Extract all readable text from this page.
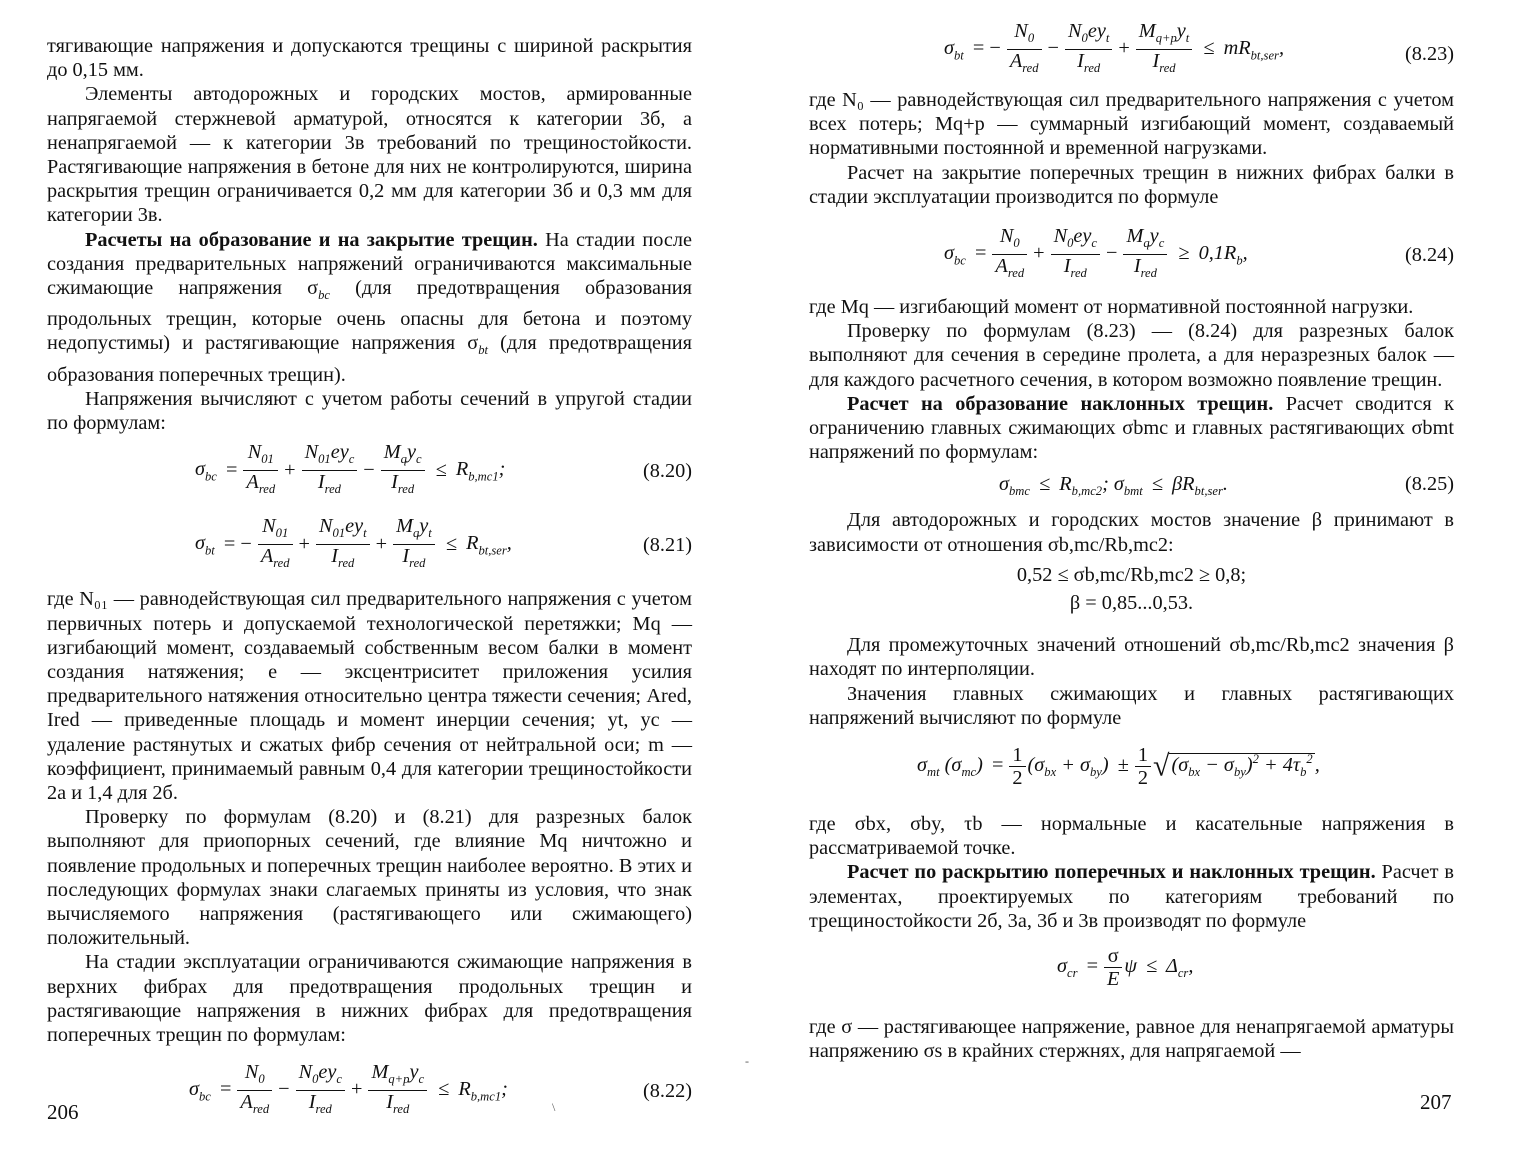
тягивающие напряжения и допускаются трещины с шириной раскрытия до 0,15 мм.

Элементы автодорожных и городских мостов, армированные напрягаемой стержневой арматурой, относятся к категории 3б, а ненапрягаемой — к категории 3в требований по трещиностойкости. Растягивающие напряжения в бетоне для них не контролируются, ширина раскрытия трещин ограничивается 0,2 мм для категории 3б и 0,3 мм для категории 3в.

Расчеты на образование и на закрытие трещин. На стадии после создания предварительных напряжений ограничиваются максимальные сжимающие напряжения $\sigma_{bc}$ (для предотвращения образования продольных трещин, которые очень опасны для бетона и поэтому недопустимы) и растягивающие напряжения $\sigma_{bt}$ (для предотвращения образования поперечных трещин).

Напряжения вычисляют с учетом работы сечений в упругой стадии по формулам:

$\sigma_{bc} = \frac{N_{01}}{A_{red}} + \frac{N_{01}ey_c}{I_{red}} - \frac{M_qy_c}{I_{red}} \le R_{b,mc1}$;	(8.20)
$\sigma_{bt}$ = − $\frac{N_{01}}{A_{red}} + \frac{N_{01}ey_t}{I_{red}} + \frac{M_qy_t}{I_{red}} \le R_{bt,ser}$,	(8.21)

где N₀₁ — равнодействующая сил предварительного напряжения с учетом первичных потерь и допускаемой технологической перетяжки; Mq — изгибающий момент, создаваемый собственным весом балки в момент создания натяжения; e — эксцентриситет приложения усилия предварительного натяжения относительно центра тяжести сечения; Ared, Ired — приведенные площадь и момент инерции сечения; yt, yc — удаление растянутых и сжатых фибр сечения от нейтральной оси; m — коэффициент, принимаемый равным 0,4 для категории трещиностойкости 2а и 1,4 для 2б.

Проверку по формулам (8.20) и (8.21) для разрезных балок выполняют для приопорных сечений, где влияние Mq ничтожно и появление продольных и поперечных трещин наиболее вероятно. В этих и последующих формулах знаки слагаемых приняты из условия, что знак вычисляемого напряжения (растягивающего или сжимающего) положительный.

На стадии эксплуатации ограничиваются сжимающие напряжения в верхних фибрах для предотвращения продольных трещин и растягивающие напряжения в нижних фибрах для предотвращения поперечных трещин по формулам:

$\sigma_{bc} = \frac{N_0}{A_{red}} - \frac{N_0ey_c}{I_{red}} + \frac{M_{q+p}y_c}{I_{red}} \le R_{b,mc1}$;	(8.22)
206
-
\
$\sigma_{bt}$ = − $\frac{N_0}{A_{red}} - \frac{N_0ey_t}{I_{red}} + \frac{M_{q+p}y_t}{I_{red}} \le mR_{bt,ser}$,	(8.23)

где N₀ — равнодействующая сил предварительного напряжения с учетом всех потерь; Mq+p — суммарный изгибающий момент, создаваемый нормативными постоянной и временной нагрузками.

Расчет на закрытие поперечных трещин в нижних фибрах балки в стадии эксплуатации производится по формуле

$\sigma_{bc} = \frac{N_0}{A_{red}} + \frac{N_0ey_c}{I_{red}} - \frac{M_qy_c}{I_{red}} \ge 0,1R_b$,	(8.24)

где Mq — изгибающий момент от нормативной постоянной нагрузки.

Проверку по формулам (8.23) — (8.24) для разрезных балок выполняют для сечения в середине пролета, а для неразрезных балок — для каждого расчетного сечения, в котором возможно появление трещин.

Расчет на образование наклонных трещин. Расчет сводится к ограничению главных сжимающих σbmc и главных растягивающих σbmt напряжений по формулам:

$\sigma_{bmc} \le R_{b,mc2}$; $\sigma_{bmt} \le \beta R_{bt,ser}$.	(8.25)

Для автодорожных и городских мостов значение β принимают в зависимости от отношения σb,mc/Rb,mc2:

0,52 ≤ σb,mc/Rb,mc2 ≥ 0,8;

β = 0,85...0,53.

Для промежуточных значений отношений σb,mc/Rb,mc2 значения β находят по интерполяции.

Значения главных сжимающих и главных растягивающих напряжений вычисляют по формуле

$\sigma_{mt}$ $(\sigma_{mc}) = \frac{1}{2} (\sigma_{bx} + \sigma_{by}) \pm \frac{1}{2} √(\sigma_{bx} - \sigma_{by})^2 + 4\tau_b^2$,

где σbx, σby, τb — нормальные и касательные напряжения в рассматриваемой точке.

Расчет по раскрытию поперечных и наклонных трещин. Расчет в элементах, проектируемых по категориям требований по трещиностойкости 2б, 3а, 3б и 3в производят по формуле

$\sigma_{cr} = \frac{\sigma}{E}$ $\psi \le \Delta_{cr}$,

где σ — растягивающее напряжение, равное для ненапрягаемой арматуры напряжению σs в крайних стержнях, для напрягаемой —

207
